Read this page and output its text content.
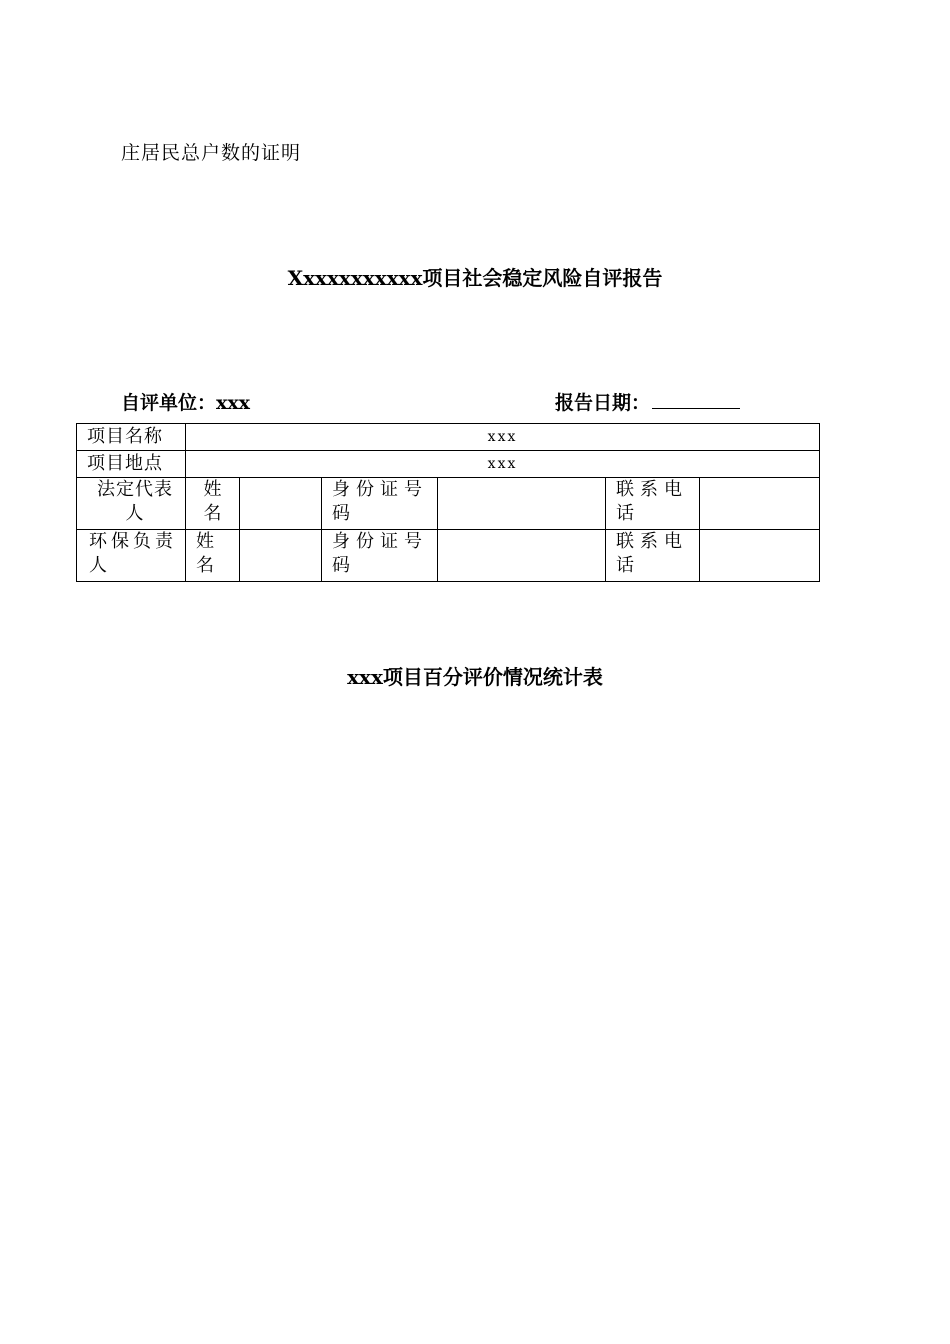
庄居民总户数的证明
Xxxxxxxxxxx项目社会稳定风险自评报告
自评单位：xxx	报告日期：
项目名称	xxx					
项目地点	xxx					

法定代表人	姓名		身份证号码		联系电话	
环保负责人	姓名		身份证号码		联系电话	
xxx项目百分评价情况统计表
